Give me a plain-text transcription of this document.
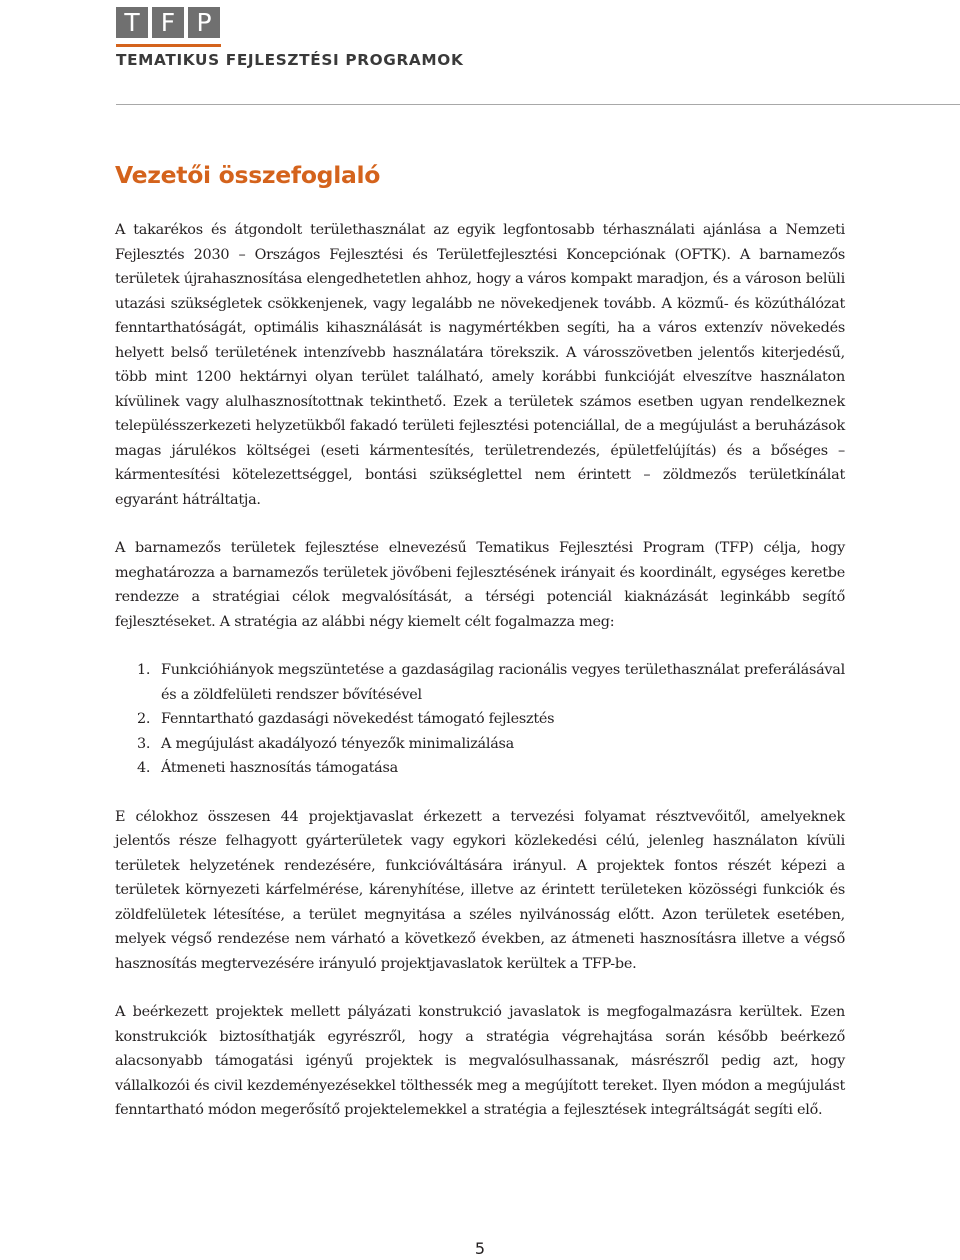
T F P
TEMATIKUS FEJLESZTÉSI PROGRAMOK
Vezetői összefoglaló

A takarékos és átgondolt területhasználat az egyik legfontosabb térhasználati ajánlása a Nemzeti Fejlesztés 2030 – Országos Fejlesztési és Területfejlesztési Koncepciónak (OFTK). A barnamezős területek újrahasznosítása elengedhetetlen ahhoz, hogy a város kompakt maradjon, és a városon belüli utazási szükségletek csökkenjenek, vagy legalább ne növekedjenek tovább. A közmű- és közúthálózat fenntarthatóságát, optimális kihasználását is nagymértékben segíti, ha a város extenzív növekedés helyett belső területének intenzívebb használatára törekszik. A városszövetben jelentős kiterjedésű, több mint 1200 hektárnyi olyan terület található, amely korábbi funkcióját elveszítve használaton kívülinek vagy alulhasznosítottnak tekinthető. Ezek a területek számos esetben ugyan rendelkeznek településszerkezeti helyzetükből fakadó területi fejlesztési potenciállal, de a megújulást a beruházások magas járulékos költségei (eseti kármentesítés, területrendezés, épületfelújítás) és a bőséges – kármentesítési kötelezettséggel, bontási szükséglettel nem érintett – zöldmezős területkínálat egyaránt hátráltatja.

A barnamezős területek fejlesztése elnevezésű Tematikus Fejlesztési Program (TFP) célja, hogy meghatározza a barnamezős területek jövőbeni fejlesztésének irányait és koordinált, egységes keretbe rendezze a stratégiai célok megvalósítását, a térségi potenciál kiaknázását leginkább segítő fejlesztéseket. A stratégia az alábbi négy kiemelt célt fogalmazza meg:

1. Funkcióhiányok megszüntetése a gazdaságilag racionális vegyes területhasználat preferálásával és a zöldfelületi rendszer bővítésével
2. Fenntartható gazdasági növekedést támogató fejlesztés
3. A megújulást akadályozó tényezők minimalizálása
4. Átmeneti hasznosítás támogatása

E célokhoz összesen 44 projektjavaslat érkezett a tervezési folyamat résztvevőitől, amelyeknek jelentős része felhagyott gyárterületek vagy egykori közlekedési célú, jelenleg használaton kívüli területek helyzetének rendezésére, funkcióváltására irányul. A projektek fontos részét képezi a területek környezeti kárfelmérése, kárenyhítése, illetve az érintett területeken közösségi funkciók és zöldfelületek létesítése, a terület megnyitása a széles nyilvánosság előtt. Azon területek esetében, melyek végső rendezése nem várható a következő években, az átmeneti hasznosításra illetve a végső hasznosítás megtervezésére irányuló projektjavaslatok kerültek a TFP-be.

A beérkezett projektek mellett pályázati konstrukció javaslatok is megfogalmazásra kerültek. Ezen konstrukciók biztosíthatják egyrészről, hogy a stratégia végrehajtása során később beérkező alacsonyabb támogatási igényű projektek is megvalósulhassanak, másrészről pedig azt, hogy vállalkozói és civil kezdeményezésekkel tölthessék meg a megújított tereket. Ilyen módon a megújulást fenntartható módon megerősítő projektelemekkel a stratégia a fejlesztések integráltságát segíti elő.

5
